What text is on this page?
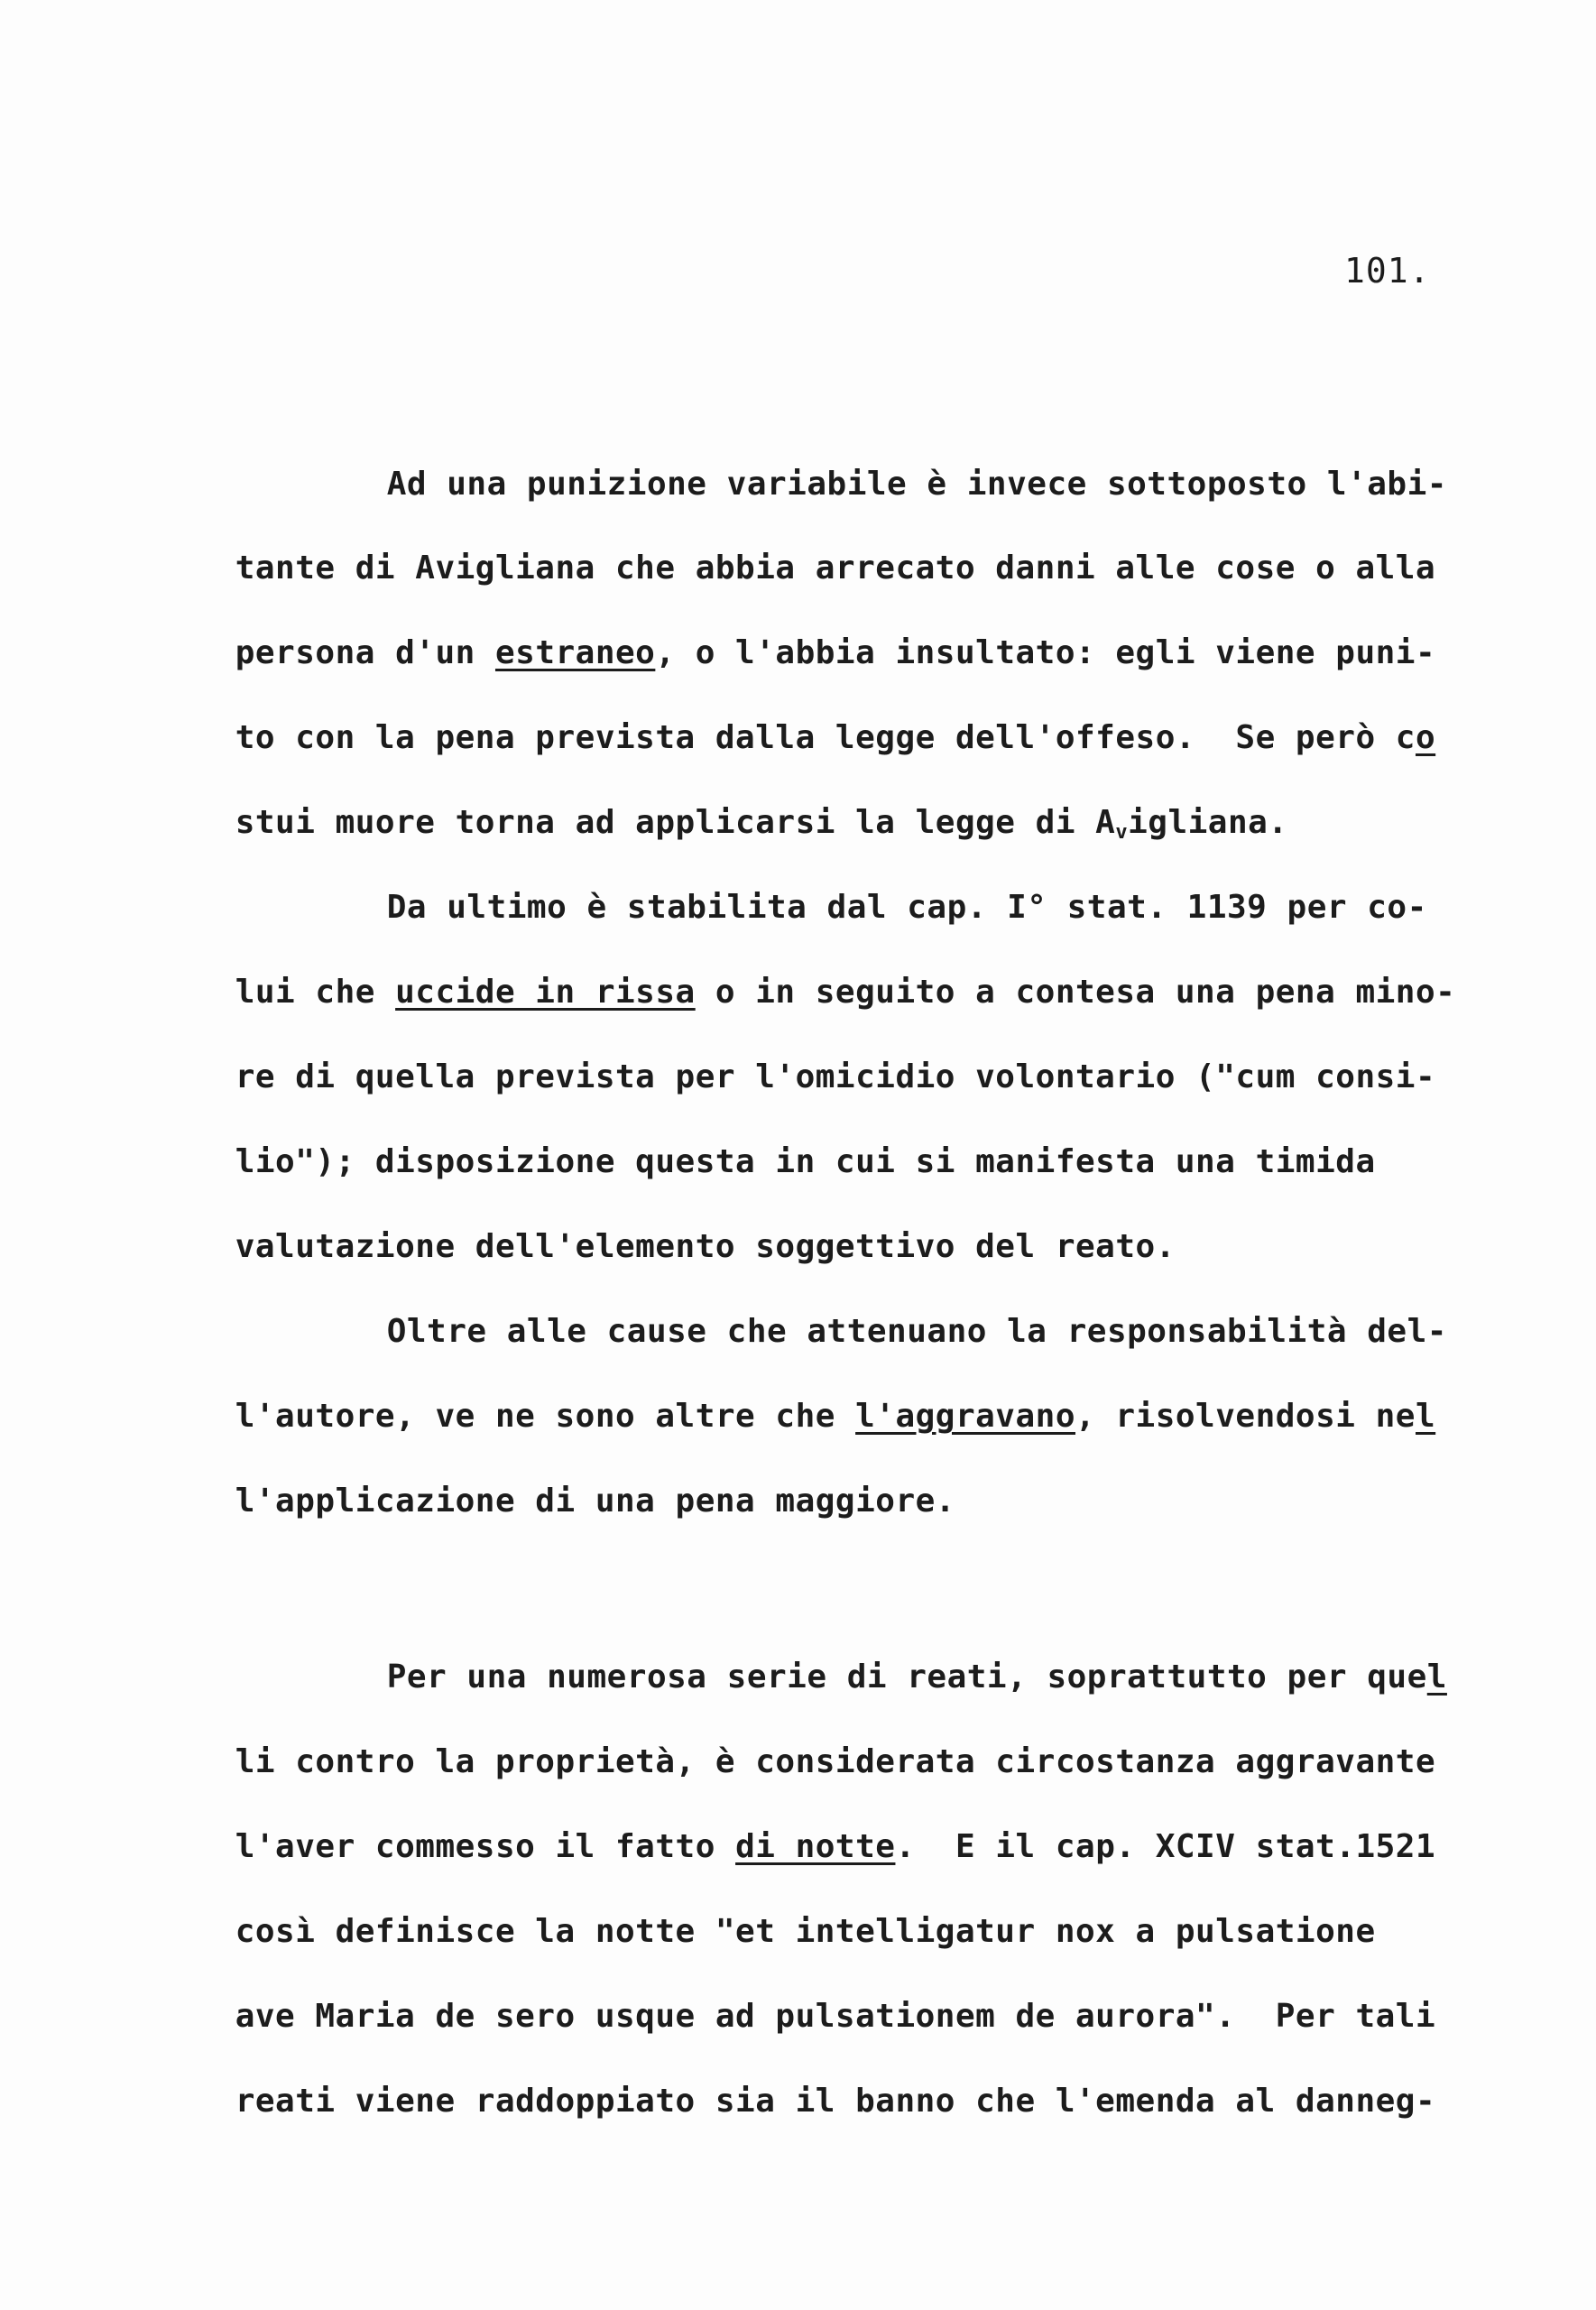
101.

Ad una punizione variabile è invece sottoposto l'abi-

tante di Avigliana che abbia arrecato danni alle cose o alla

persona d'un estraneo, o l'abbia insultato: egli viene puni-

to con la pena prevista dalla legge dell'offeso.  Se però co

stui muore torna ad applicarsi la legge di $A_vigliana$.

Da ultimo è stabilita dal cap. I° stat. 1139 per co-

lui che uccide in rissa o in seguito a contesa una pena mino-

re di quella prevista per l'omicidio volontario ("cum consi-

lio"); disposizione questa in cui si manifesta una timida

valutazione dell'elemento soggettivo del reato.

Oltre alle cause che attenuano la responsabilità del-

l'autore, ve ne sono altre che l'aggravano, risolvendosi nel

l'applicazione di una pena maggiore.

Per una numerosa serie di reati, soprattutto per quel

li contro la proprietà, è considerata circostanza aggravante

l'aver commesso il fatto di notte.  E il cap. XCIV stat.1521

così definisce la notte "et intelligatur nox a pulsatione

ave Maria de sero usque ad pulsationem de aurora".  Per tali

reati viene raddoppiato sia il banno che l'emenda al danneg-
